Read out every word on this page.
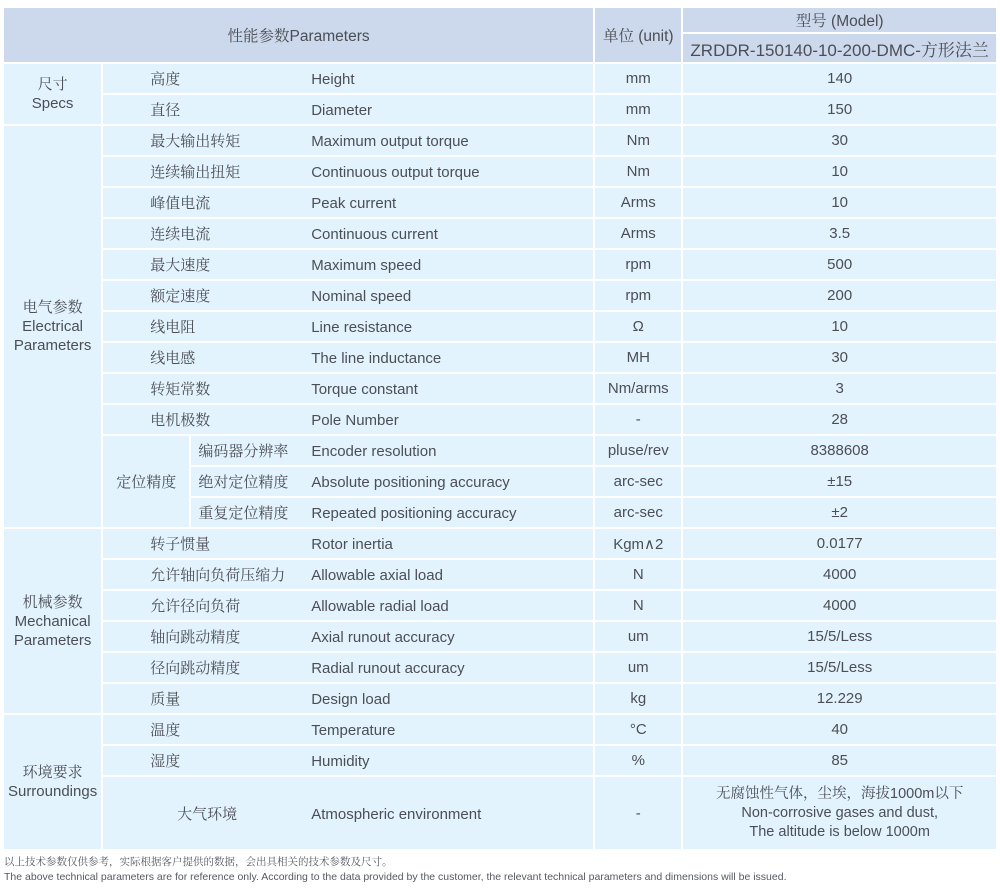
性能参数Parameters			单位 (unit)	型号 (Model)
				ZRDDR-150140-10-200-DMC-方形法兰

尺寸
Specs	高度 Height		mm	140
	直径 Diameter		mm	150

电气参数
Electrical Parameters	最大输出转矩 Maximum output torque		Nm	30
	连续输出扭矩 Continuous output torque		Nm	10
	峰值电流 Peak current		Arms	10
	连续电流 Continuous current		Arms	3.5
	最大速度 Maximum speed		rpm	500
	额定速度 Nominal speed		rpm	200
	线电阻 Line resistance		Ω	10
	线电感 The line inductance		MH	30
	转矩常数 Torque constant		Nm/arms	3
	电机极数 Pole Number		-	28
	定位精度	编码器分辨率 Encoder resolution	pluse/rev	8388608
		绝对定位精度 Absolute positioning accuracy	arc-sec	±15
		重复定位精度 Repeated positioning accuracy	arc-sec	±2

机械参数
Mechanical Parameters	转子惯量 Rotor inertia		Kgm∧2	0.0177
	允许轴向负荷压缩力 Allowable axial load		N	4000
	允许径向负荷 Allowable radial load		N	4000
	轴向跳动精度 Axial runout accuracy		um	15/5/Less
	径向跳动精度 Radial runout accuracy		um	15/5/Less
	质量 Design load		kg	12.229

环境要求
Surroundings	温度 Temperature		°C	40
	湿度 Humidity		%	85
	大气环境 Atmospheric environment		-	无腐蚀性气体，尘埃，海拔1000m以下
Non-corrosive gases and dust,
The altitude is below 1000m
以上技术参数仅供参考，实际根据客户提供的数据，会出具相关的技术参数及尺寸。
The above technical parameters are for reference only. According to the data provided by the customer, the relevant technical parameters and dimensions will be issued.
